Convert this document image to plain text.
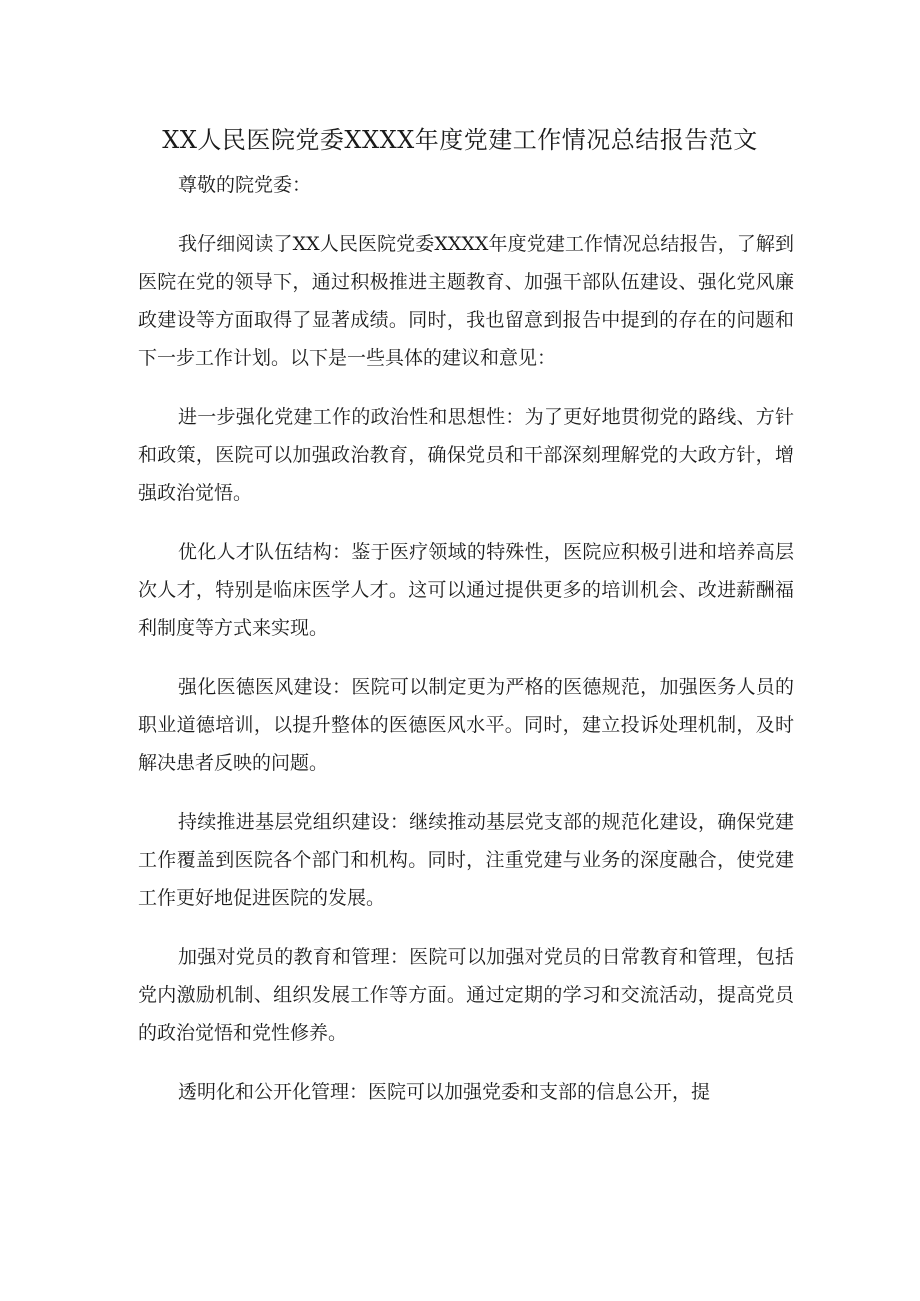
XX人民医院党委XXXX年度党建工作情况总结报告范文

尊敬的院党委：

我仔细阅读了XX人民医院党委XXXX年度党建工作情况总结报告，了解到医院在党的领导下，通过积极推进主题教育、加强干部队伍建设、强化党风廉政建设等方面取得了显著成绩。同时，我也留意到报告中提到的存在的问题和下一步工作计划。以下是一些具体的建议和意见：

进一步强化党建工作的政治性和思想性：为了更好地贯彻党的路线、方针和政策，医院可以加强政治教育，确保党员和干部深刻理解党的大政方针，增强政治觉悟。

优化人才队伍结构：鉴于医疗领域的特殊性，医院应积极引进和培养高层次人才，特别是临床医学人才。这可以通过提供更多的培训机会、改进薪酬福利制度等方式来实现。

强化医德医风建设：医院可以制定更为严格的医德规范，加强医务人员的职业道德培训，以提升整体的医德医风水平。同时，建立投诉处理机制，及时解决患者反映的问题。

持续推进基层党组织建设：继续推动基层党支部的规范化建设，确保党建工作覆盖到医院各个部门和机构。同时，注重党建与业务的深度融合，使党建工作更好地促进医院的发展。

加强对党员的教育和管理：医院可以加强对党员的日常教育和管理，包括党内激励机制、组织发展工作等方面。通过定期的学习和交流活动，提高党员的政治觉悟和党性修养。

透明化和公开化管理：医院可以加强党委和支部的信息公开，提
